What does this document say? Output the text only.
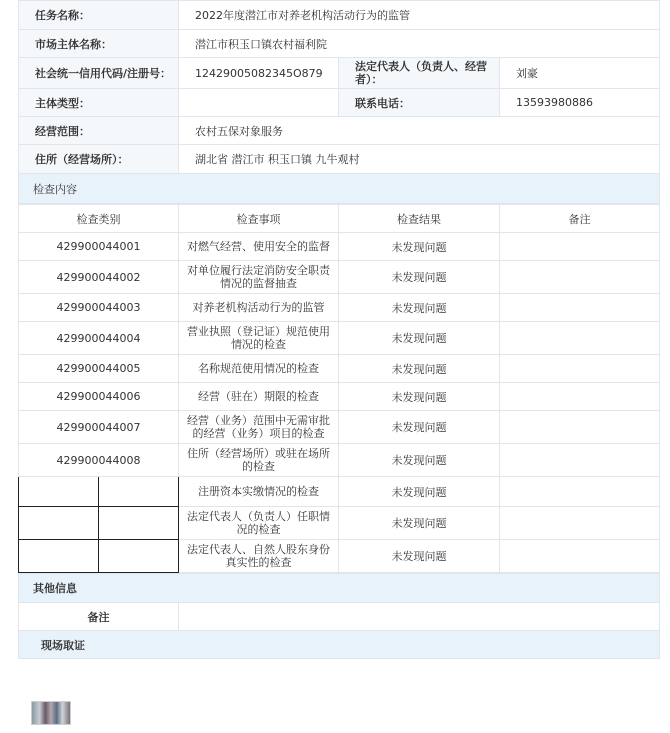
任务名称：	2022年度潜江市对养老机构活动行为的监管		
市场主体名称：	潜江市积玉口镇农村福利院		
社会统一信用代码/注册号：	12429005082345O879	法定代表人（负责人、经营者）：	刘豪
主体类型：		联系电话：	13593980886
经营范围：	农村五保对象服务		
住所（经营场所）：	湖北省 潜江市 积玉口镇 九牛观村		
检查内容			
检查类别		检查事项	检查结果	备注
429900044001		对燃气经营、使用安全的监督	未发现问题	
429900044002		对单位履行法定消防安全职责情况的监督抽查	未发现问题	
429900044003		对养老机构活动行为的监管	未发现问题	
429900044004		营业执照（登记证）规范使用情况的检查	未发现问题	
429900044005		名称规范使用情况的检查	未发现问题	
429900044006		经营（驻在）期限的检查	未发现问题	
429900044007		经营（业务）范围中无需审批的经营（业务）项目的检查	未发现问题	
429900044008		住所（经营场所）或驻在场所的检查	未发现问题	
		注册资本实缴情况的检查	未发现问题	
		法定代表人（负责人）任职情况的检查	未发现问题	
		法定代表人、自然人股东身份真实性的检查	未发现问题	
其他信息
备注	
现场取证
